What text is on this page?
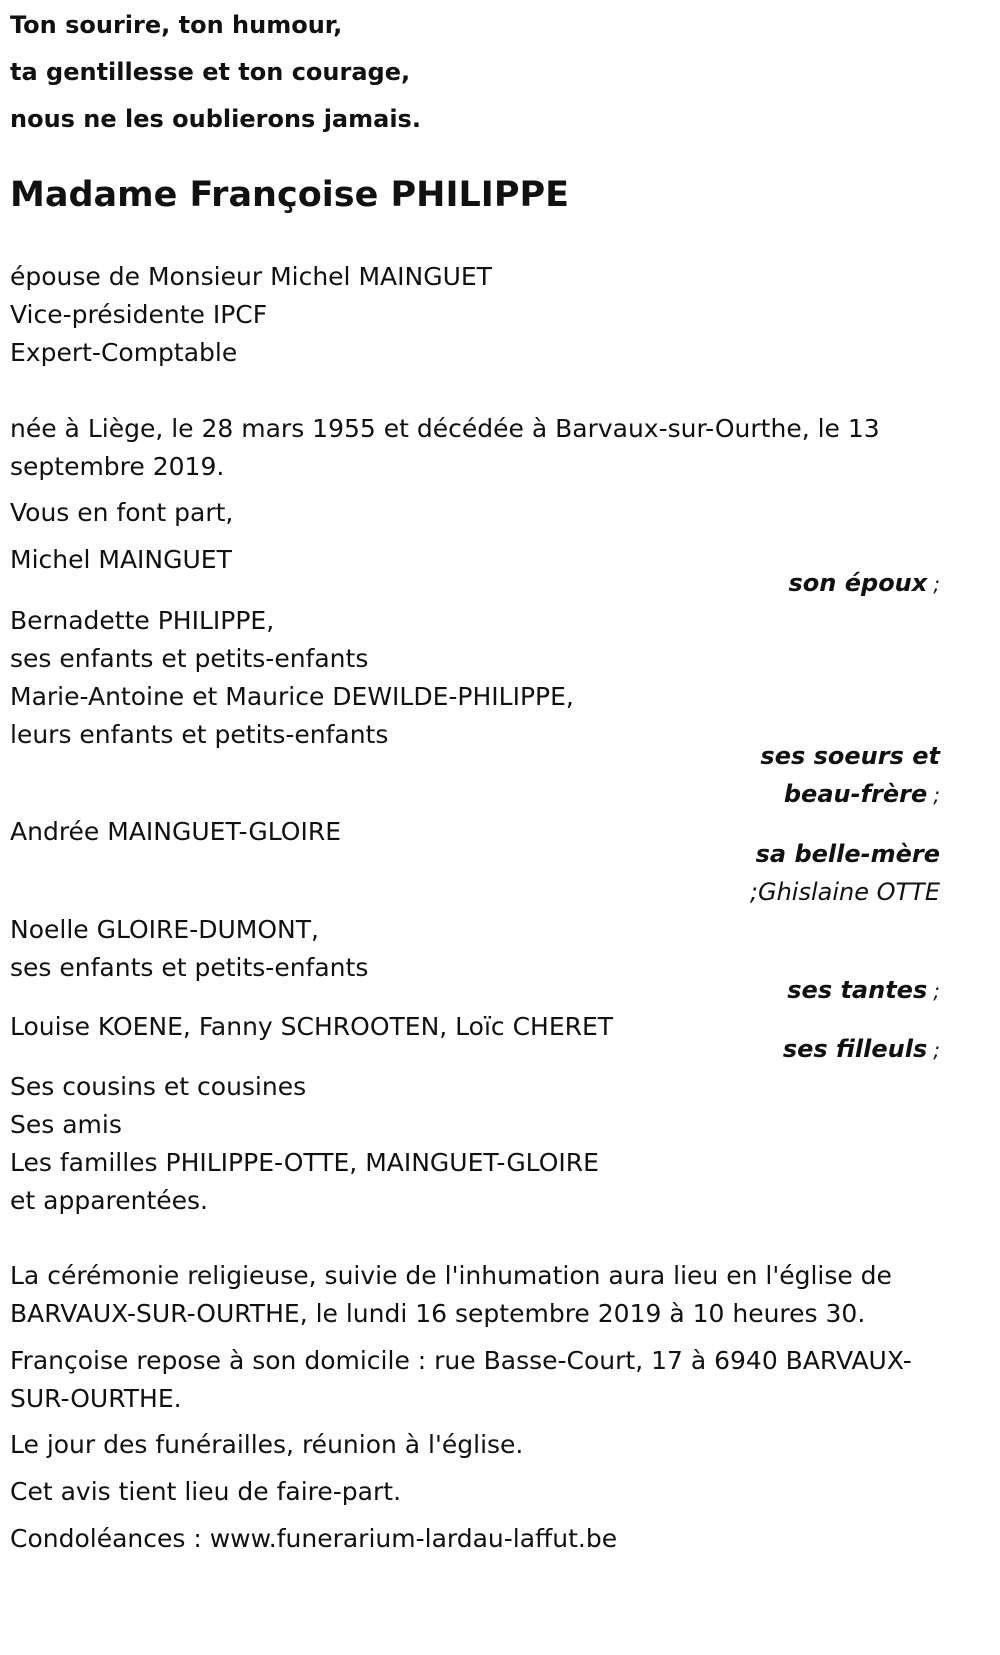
Ton sourire, ton humour,
ta gentillesse et ton courage,
nous ne les oublierons jamais.
Madame Françoise PHILIPPE
épouse de Monsieur Michel MAINGUET
Vice-présidente IPCF
Expert-Comptable
née à Liège, le 28 mars 1955 et décédée à Barvaux-sur-Ourthe, le 13
septembre 2019.
Vous en font part,
Michel MAINGUET
son époux ;
Bernadette PHILIPPE,
ses enfants et petits-enfants
Marie-Antoine et Maurice DEWILDE-PHILIPPE,
leurs enfants et petits-enfants
ses soeurs et
beau-frère ;
Andrée MAINGUET-GLOIRE
sa belle-mère
;Ghislaine OTTE
Noelle GLOIRE-DUMONT,
ses enfants et petits-enfants
ses tantes ;
Louise KOENE, Fanny SCHROOTEN, Loïc CHERET
ses filleuls ;
Ses cousins et cousines
Ses amis
Les familles PHILIPPE-OTTE, MAINGUET-GLOIRE
et apparentées.
La cérémonie religieuse, suivie de l'inhumation aura lieu en l'église de
BARVAUX-SUR-OURTHE, le lundi 16 septembre 2019 à 10 heures 30.
Françoise repose à son domicile : rue Basse-Court, 17 à 6940 BARVAUX-
SUR-OURTHE.
Le jour des funérailles, réunion à l'église.
Cet avis tient lieu de faire-part.
Condoléances : www.funerarium-lardau-laffut.be
